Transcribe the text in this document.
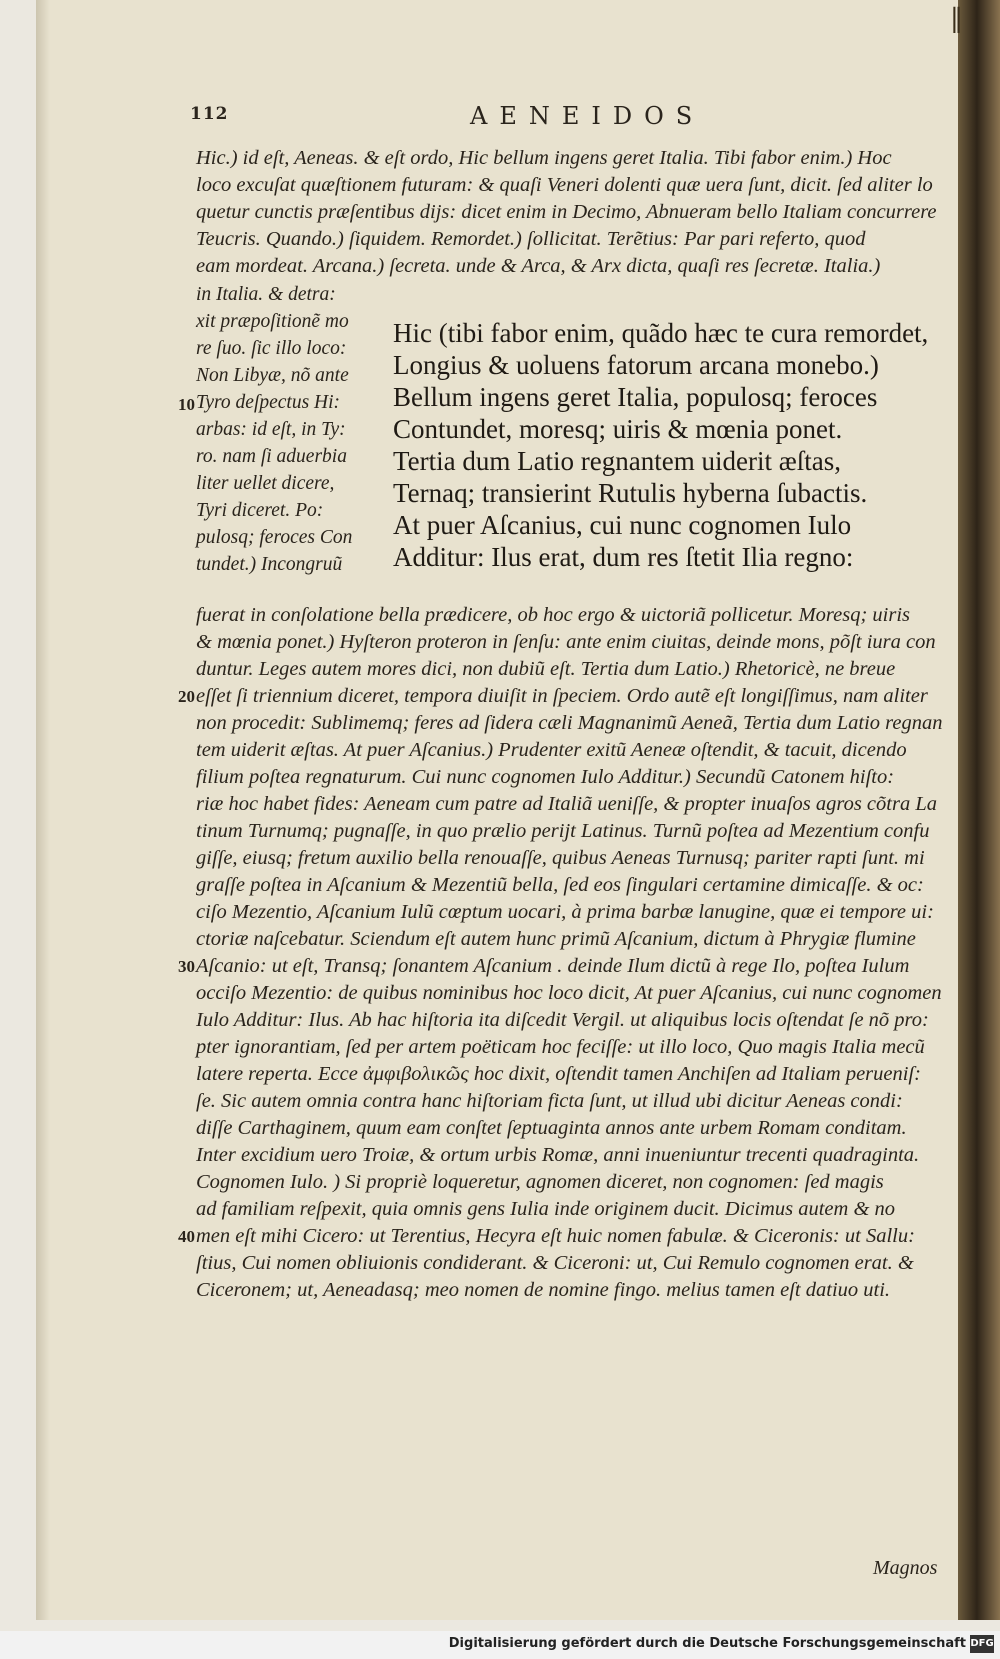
‖
112	AENEIDOS
Hic.) id eſt, Aeneas. & eſt ordo, Hic bellum ingens geret Italia. Tibi fabor enim.) Hoc
loco excuſat quæſtionem futuram: & quaſi Veneri dolenti quæ uera ſunt, dicit. ſed aliter lo
quetur cunctis præſentibus dijs: dicet enim in Decimo, Abnueram bello Italiam concurrere
Teucris. Quando.) ſiquidem. Remordet.) ſollicitat. Terẽtius: Par pari referto, quod
eam mordeat. Arcana.) ſecreta. unde & Arca, & Arx dicta, quaſi res ſecretæ. Italia.)
in Italia. & detra:
xit præpoſitionẽ mo
re ſuo. ſic illo loco:
Non Libyæ, nõ ante
Tyro deſpectus Hi:
arbas: id eſt, in Ty:
ro. nam ſi aduerbia
liter uellet dicere,
Tyri diceret. Po:
pulosq; feroces Con
tundet.) Incongruũ
Hic (tibi fabor enim, quãdo hæc te cura remordet,
Longius & uoluens fatorum arcana monebo.)
Bellum ingens geret Italia, populosq; feroces
Contundet, moresq; uiris & mœnia ponet.
Tertia dum Latio regnantem uiderit æſtas,
Ternaq; transierint Rutulis hyberna ſubactis.
At puer Aſcanius, cui nunc cognomen Iulo
Additur: Ilus erat, dum res ſtetit Ilia regno:
fuerat in conſolatione bella prædicere, ob hoc ergo & uictoriã pollicetur. Moresq; uiris
& mœnia ponet.) Hyſteron proteron in ſenſu: ante enim ciuitas, deinde mons, põſt iura con
duntur. Leges autem mores dici, non dubiũ eſt. Tertia dum Latio.) Rhetoricè, ne breue
eſſet ſi triennium diceret, tempora diuiſit in ſpeciem. Ordo autẽ eſt longiſſimus, nam aliter
non procedit: Sublimemq; feres ad ſidera cæli Magnanimũ Aeneã, Tertia dum Latio regnan
tem uiderit æſtas. At puer Aſcanius.) Prudenter exitũ Aeneæ oſtendit, & tacuit, dicendo
filium poſtea regnaturum. Cui nunc cognomen Iulo Additur.) Secundũ Catonem hiſto:
riæ hoc habet fides: Aeneam cum patre ad Italiã ueniſſe, & propter inuaſos agros cõtra La
tinum Turnumq; pugnaſſe, in quo prælio perijt Latinus. Turnũ poſtea ad Mezentium confu
giſſe, eiusq; fretum auxilio bella renouaſſe, quibus Aeneas Turnusq; pariter rapti ſunt. mi
graſſe poſtea in Aſcanium & Mezentiũ bella, ſed eos ſingulari certamine dimicaſſe. & oc:
ciſo Mezentio, Aſcanium Iulũ cœptum uocari, à prima barbæ lanugine, quæ ei tempore ui:
ctoriæ naſcebatur. Sciendum eſt autem hunc primũ Aſcanium, dictum à Phrygiæ flumine
Aſcanio: ut eſt, Transq; ſonantem Aſcanium . deinde Ilum dictũ à rege Ilo, poſtea Iulum
occiſo Mezentio: de quibus nominibus hoc loco dicit, At puer Aſcanius, cui nunc cognomen
Iulo Additur: Ilus. Ab hac hiſtoria ita diſcedit Vergil. ut aliquibus locis oſtendat ſe nõ pro:
pter ignorantiam, ſed per artem poëticam hoc feciſſe: ut illo loco, Quo magis Italia mecũ
latere reperta. Ecce ἀμφιβολικῶς hoc dixit, oſtendit tamen Anchiſen ad Italiam perueniſ:
ſe. Sic autem omnia contra hanc hiſtoriam ficta ſunt, ut illud ubi dicitur Aeneas condi:
diſſe Carthaginem, quum eam conſtet ſeptuaginta annos ante urbem Romam conditam.
Inter excidium uero Troiæ, & ortum urbis Romæ, anni inueniuntur trecenti quadraginta.
Cognomen Iulo. ) Si propriè loqueretur, agnomen diceret, non cognomen: ſed magis
ad familiam reſpexit, quia omnis gens Iulia inde originem ducit. Dicimus autem & no
men eſt mihi Cicero: ut Terentius, Hecyra eſt huic nomen fabulæ. & Ciceronis: ut Sallu:
ſtius, Cui nomen obliuionis condiderant. & Ciceroni: ut, Cui Remulo cognomen erat. &
Ciceronem; ut, Aeneadasq; meo nomen de nomine fingo. melius tamen eſt datiuo uti.
10
20
30
40
Magnos
Digitalisierung gefördert durch die Deutsche Forschungsgemeinschaft DFG
